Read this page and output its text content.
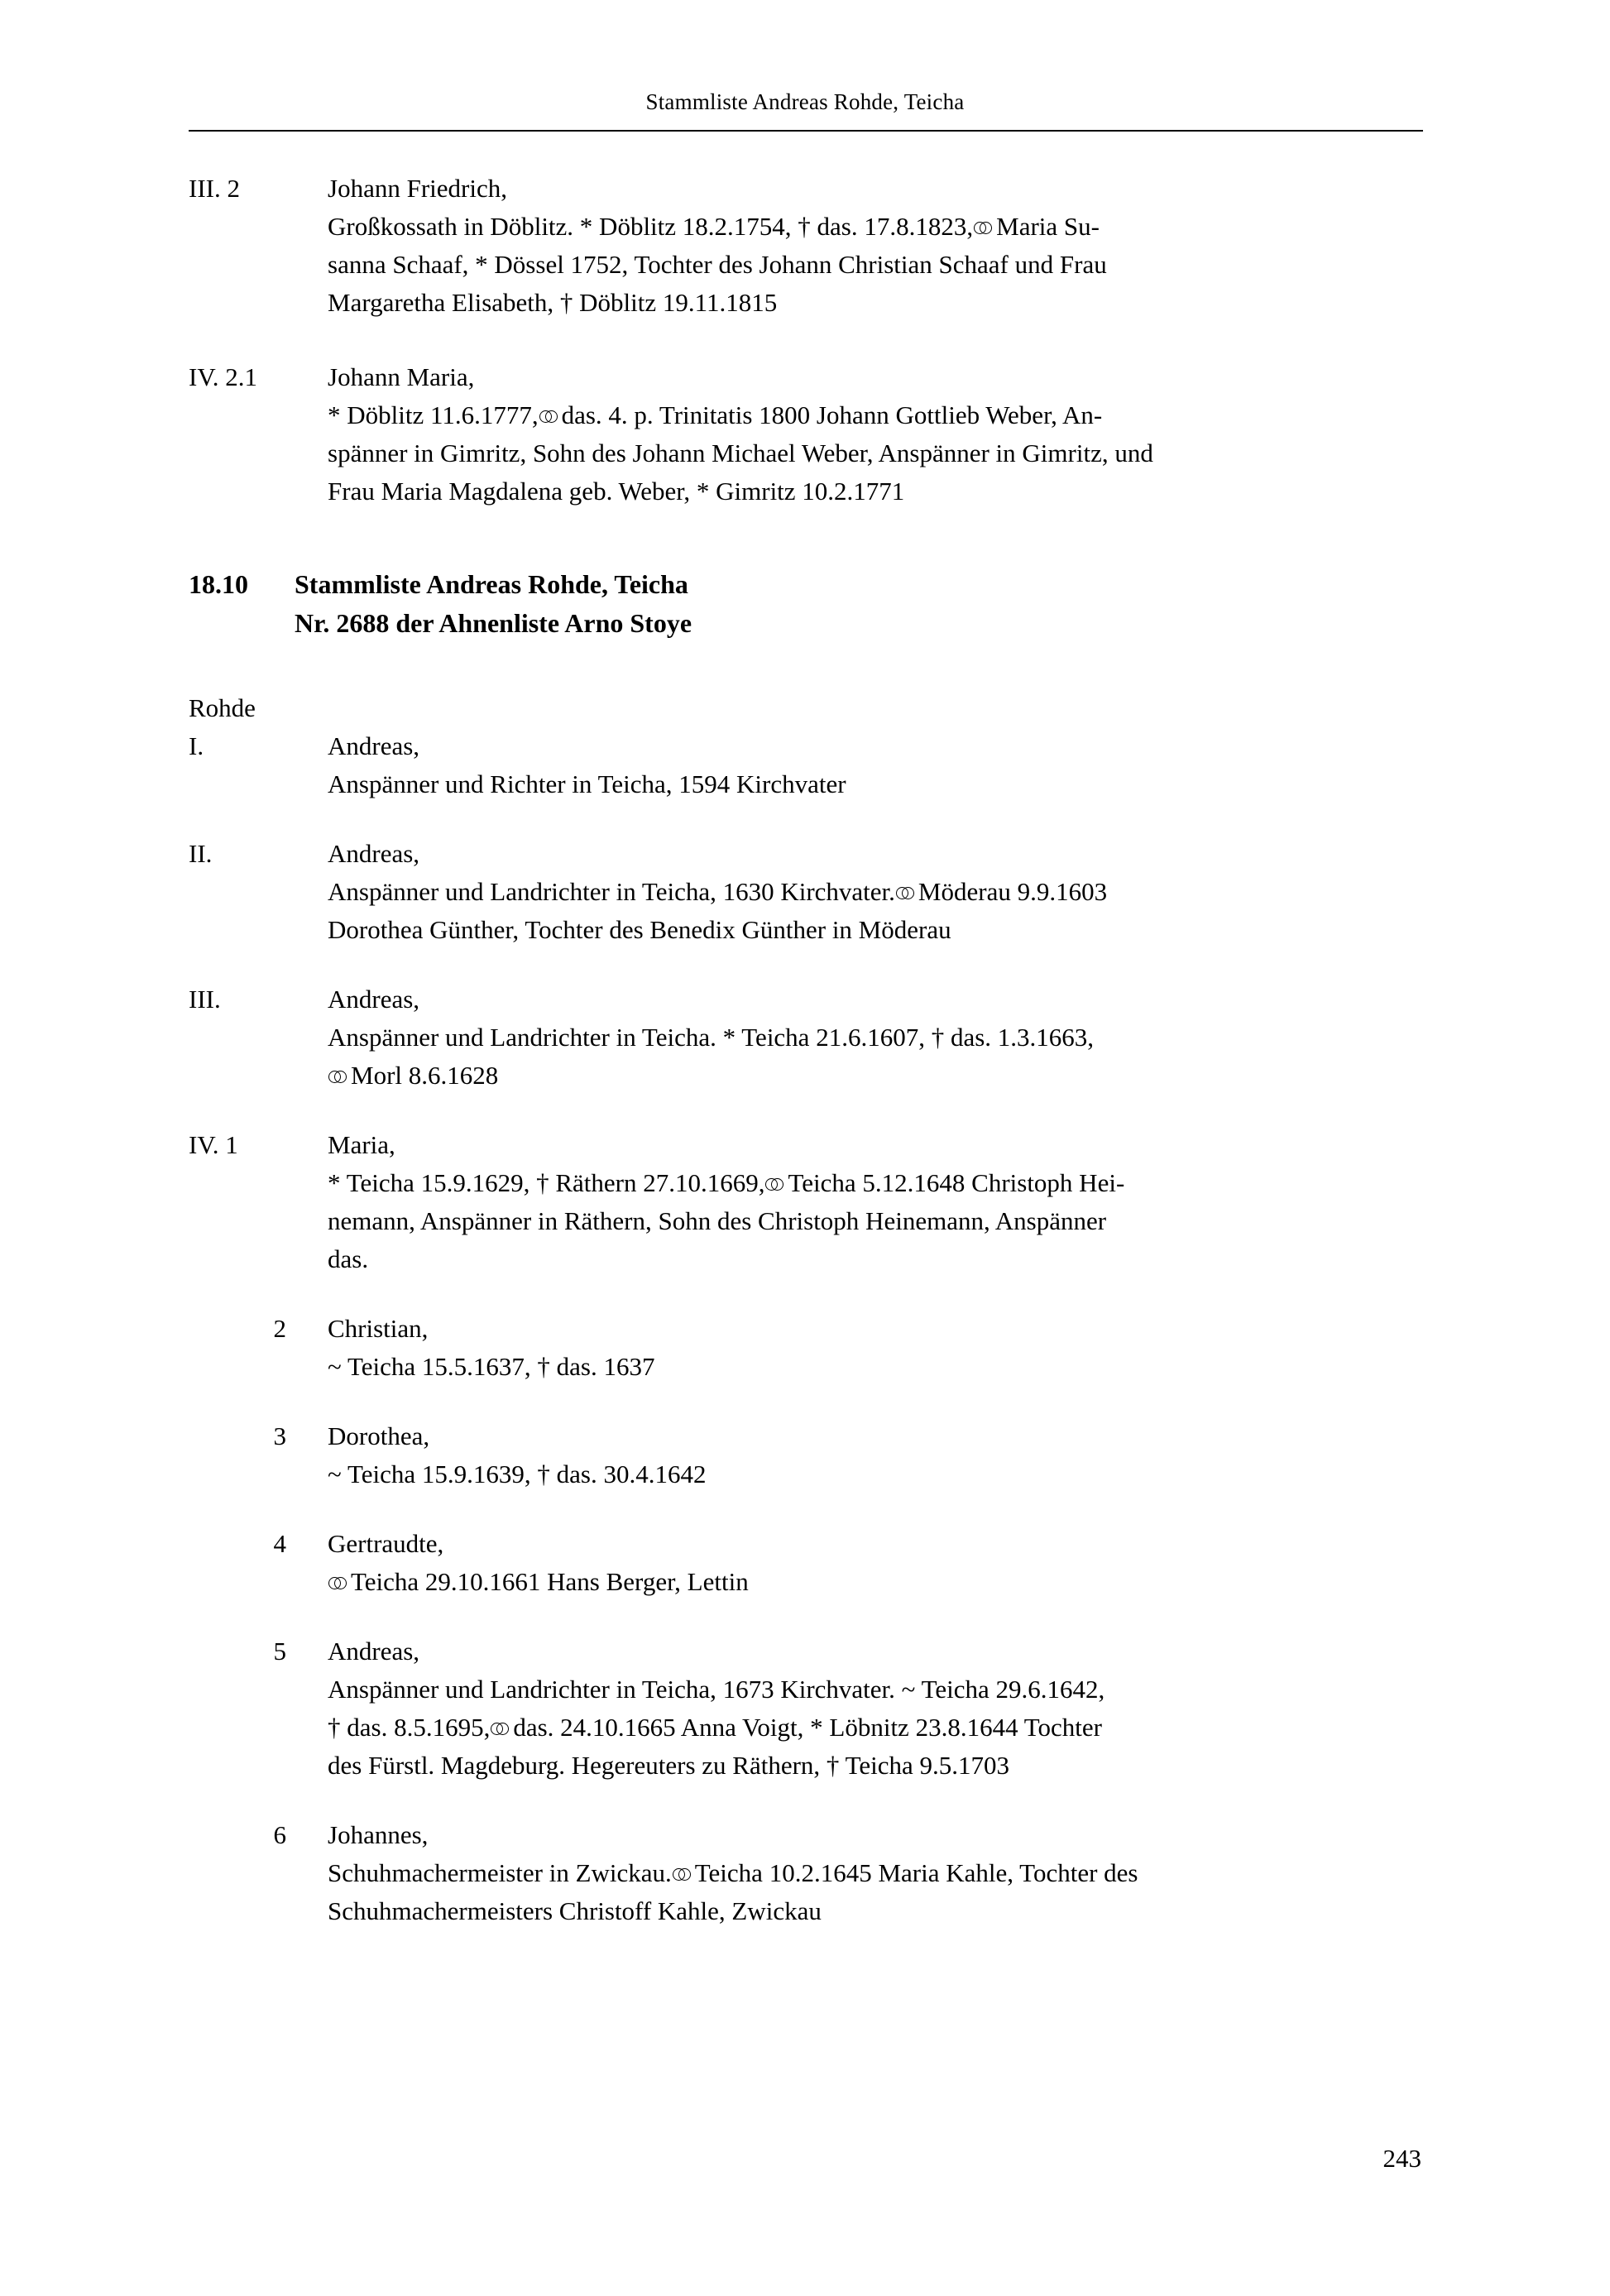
Stammliste Andreas Rohde, Teicha
III. 2	Johann Friedrich,
Großkossath in Döblitz. * Döblitz 18.2.1754, † das. 17.8.1823, Maria Su-
sanna Schaaf, * Dössel 1752, Tochter des Johann Christian Schaaf und Frau
Margaretha Elisabeth, † Döblitz 19.11.1815
IV. 2.1	Johann Maria,
* Döblitz 11.6.1777, das. 4. p. Trinitatis 1800 Johann Gottlieb Weber, An-
spänner in Gimritz, Sohn des Johann Michael Weber, Anspänner in Gimritz, und
Frau Maria Magdalena geb. Weber, * Gimritz 10.2.1771
18.10	Stammliste Andreas Rohde, Teicha
Nr. 2688 der Ahnenliste Arno Stoye
Rohde
I.	Andreas,
Anspänner und Richter in Teicha, 1594 Kirchvater
II.	Andreas,
Anspänner und Landrichter in Teicha, 1630 Kirchvater. Möderau 9.9.1603
Dorothea Günther, Tochter des Benedix Günther in Möderau
III.	Andreas,
Anspänner und Landrichter in Teicha. * Teicha 21.6.1607, † das. 1.3.1663,
Morl 8.6.1628
IV. 1	Maria,
* Teicha 15.9.1629, † Räthern 27.10.1669, Teicha 5.12.1648 Christoph Hei-
nemann, Anspänner in Räthern, Sohn des Christoph Heinemann, Anspänner
das.
2 Christian,
~ Teicha 15.5.1637, † das. 1637
3 Dorothea,
~ Teicha 15.9.1639, † das. 30.4.1642
4 Gertraudte,
Teicha 29.10.1661 Hans Berger, Lettin
5 Andreas,
Anspänner und Landrichter in Teicha, 1673 Kirchvater. ~ Teicha 29.6.1642,
† das. 8.5.1695, das. 24.10.1665 Anna Voigt, * Löbnitz 23.8.1644 Tochter
des Fürstl. Magdeburg. Hegereuters zu Räthern, † Teicha 9.5.1703
6 Johannes,
Schuhmachermeister in Zwickau. Teicha 10.2.1645 Maria Kahle, Tochter des
Schuhmachermeisters Christoff Kahle, Zwickau
243
